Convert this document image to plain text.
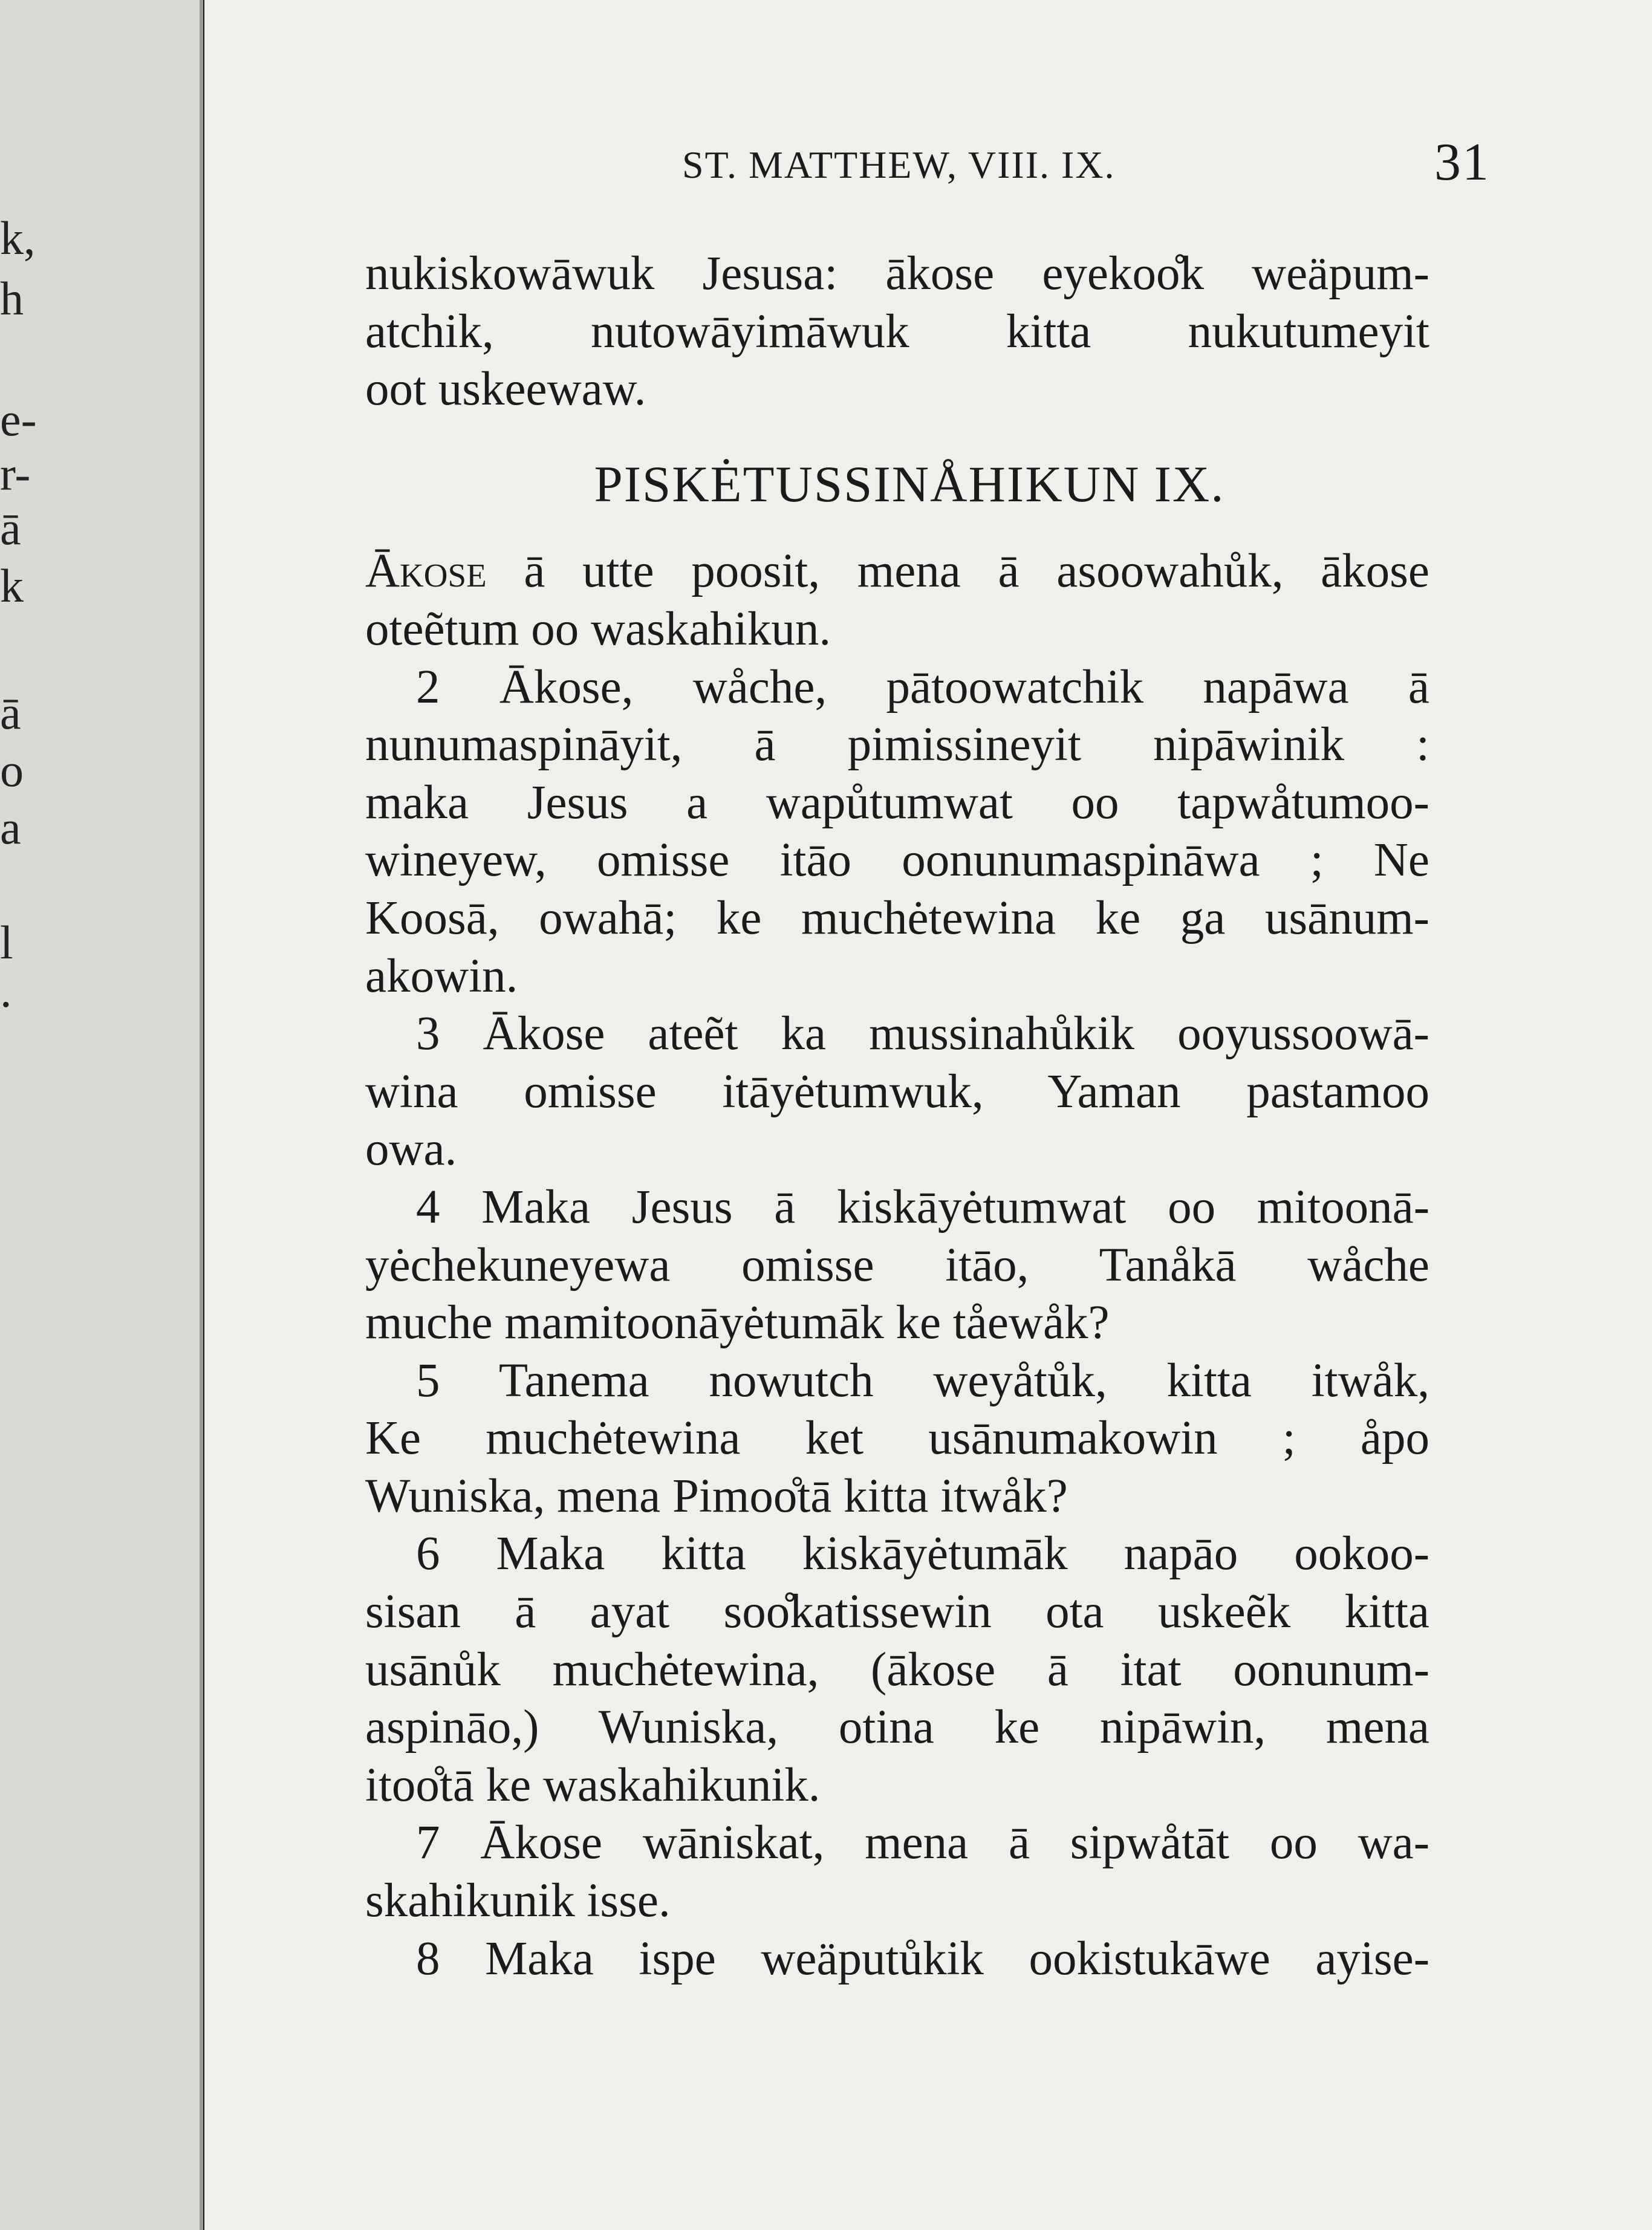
k,
h
e-
r-
ā
k
ā
o
a
l
.
ST. MATTHEW, VIII. IX.	31
nukiskowāwuk Jesusa: ākose eyekoo̊k weäpum-
atchik, nutowāyimāwuk kitta nukutumeyit
oot uskeewaw.
PISKĖTUSSINÅHIKUN IX.
Ākose ā utte poosit, mena ā asoowahůk, ākose
oteẽtum oo waskahikun.
2 Ākose, wåche, pātoowatchik napāwa ā
nunumaspināyit, ā pimissineyit nipāwinik :
maka Jesus a wapůtumwat oo tapwåtumoo-
wineyew, omisse itāo oonunumaspināwa ; Ne
Koosā, owahā; ke muchėtewina ke ga usānum-
akowin.
3 Ākose ateẽt ka mussinahůkik ooyussoowā-
wina omisse itāyėtumwuk, Yaman pastamoo
owa.
4 Maka Jesus ā kiskāyėtumwat oo mitoonā-
yėchekuneyewa omisse itāo, Tanåkā wåche
muche mamitoonāyėtumāk ke tåewåk?
5 Tanema nowutch weyåtůk, kitta itwåk,
Ke muchėtewina ket usānumakowin ; åpo
Wuniska, mena Pimoo̊tā kitta itwåk?
6 Maka kitta kiskāyėtumāk napāo ookoo-
sisan ā ayat soo̊katissewin ota uskeẽk kitta
usānůk muchėtewina, (ākose ā itat oonunum-
aspināo,) Wuniska, otina ke nipāwin, mena
itoo̊tā ke waskahikunik.
7 Ākose wāniskat, mena ā sipwåtāt oo wa-
skahikunik isse.
8 Maka ispe weäputůkik ookistukāwe ayise-
